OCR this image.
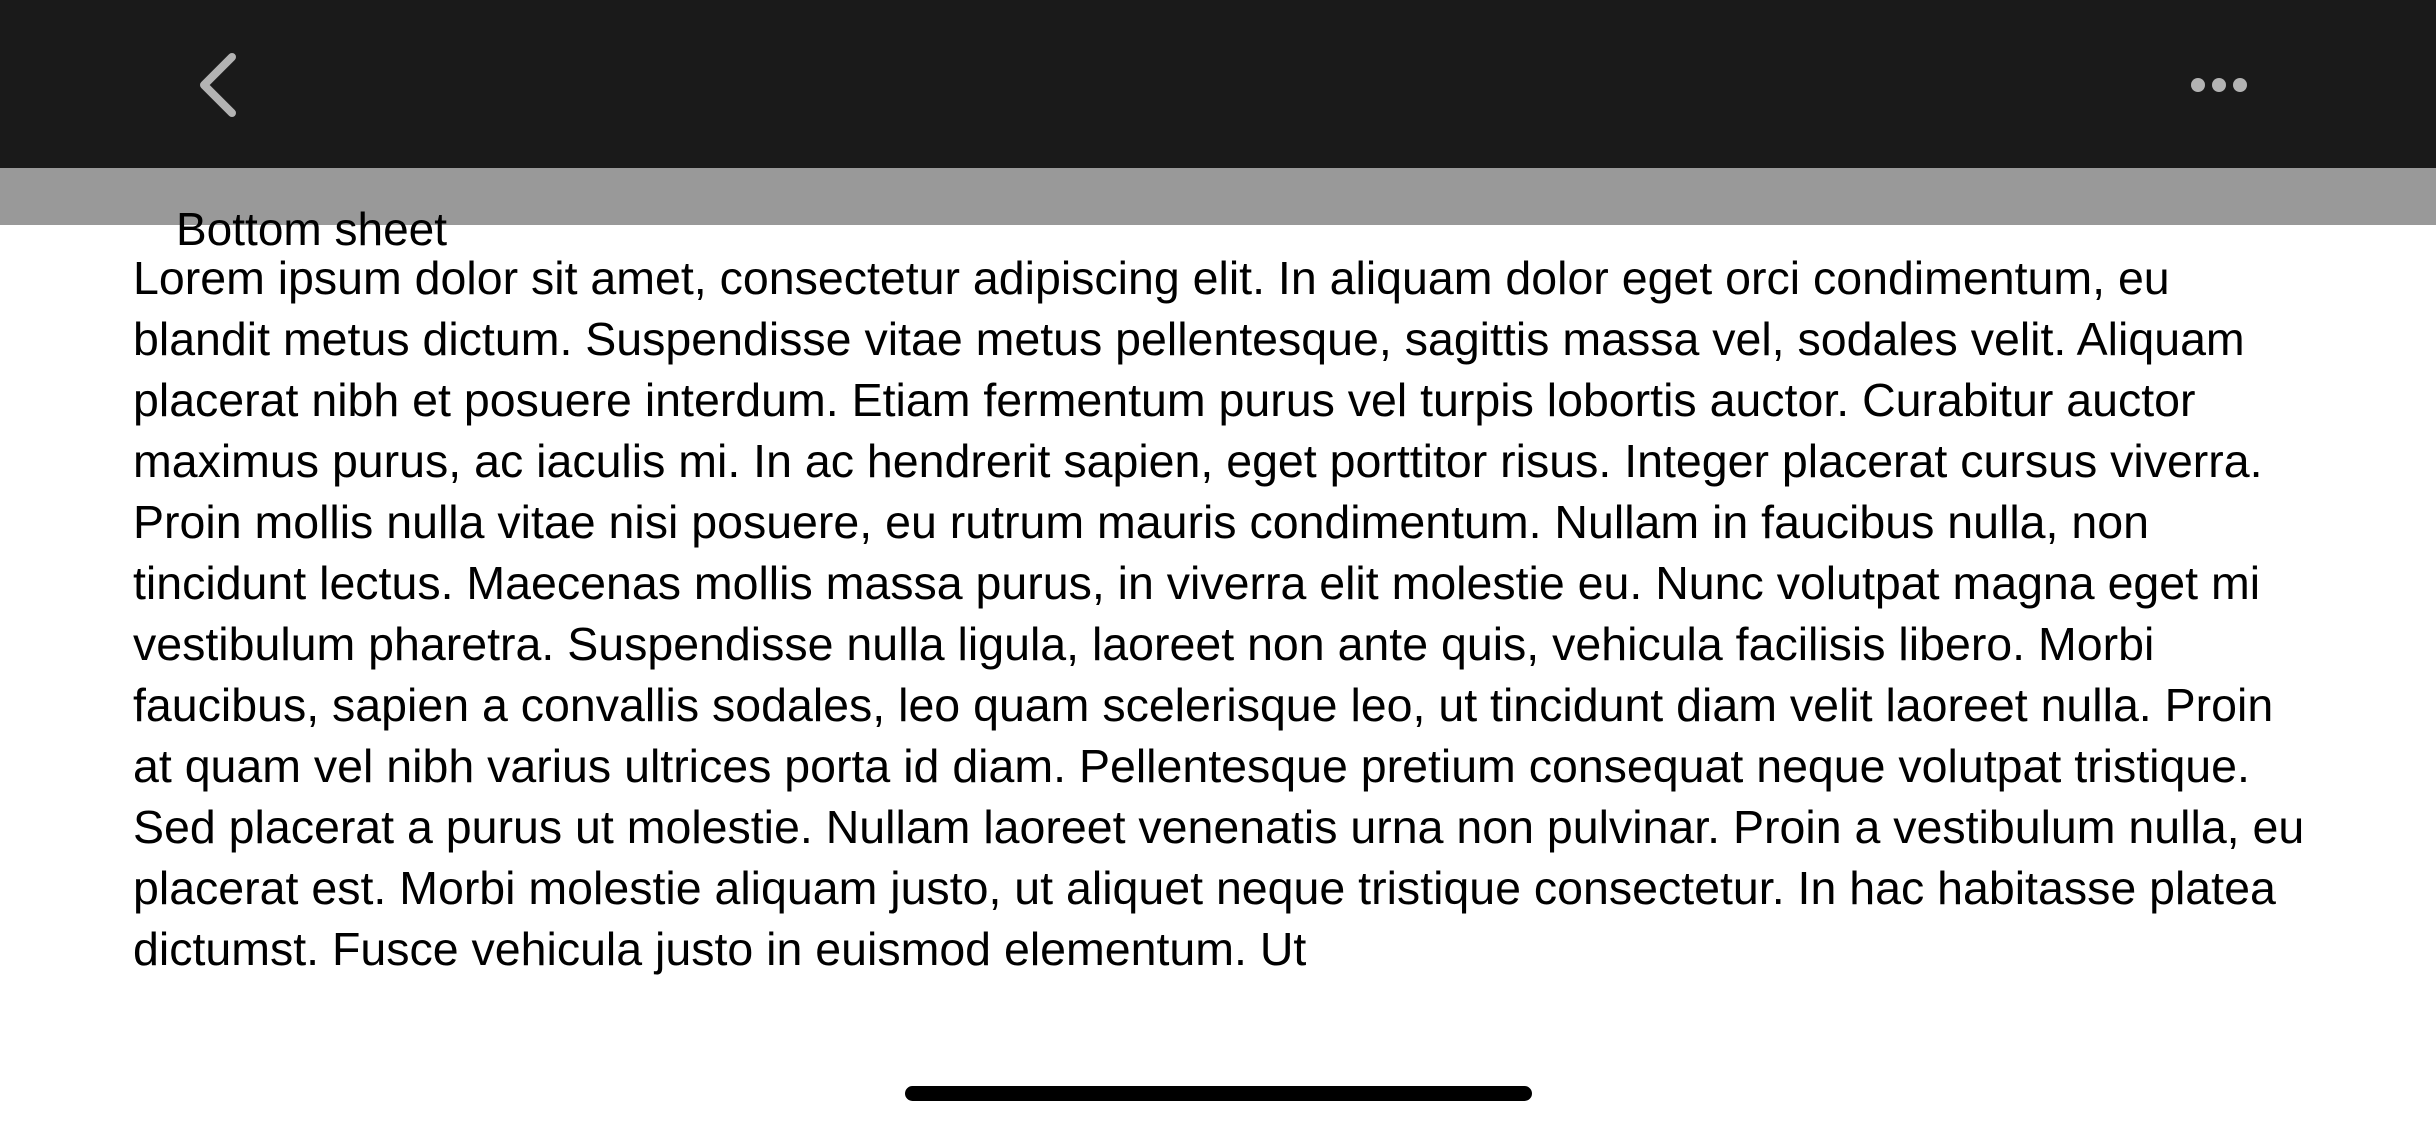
Bottom sheet

Lorem ipsum dolor sit amet, consectetur adipiscing elit. In aliquam dolor eget orci condimentum, eu blandit metus dictum. Suspendisse vitae metus pellentesque, sagittis massa vel, sodales velit. Aliquam placerat nibh et posuere interdum. Etiam fermentum purus vel turpis lobortis auctor. Curabitur auctor maximus purus, ac iaculis mi. In ac hendrerit sapien, eget porttitor risus. Integer placerat cursus viverra. Proin mollis nulla vitae nisi posuere, eu rutrum mauris condimentum. Nullam in faucibus nulla, non tincidunt lectus. Maecenas mollis massa purus, in viverra elit molestie eu. Nunc volutpat magna eget mi vestibulum pharetra. Suspendisse nulla ligula, laoreet non ante quis, vehicula facilisis libero. Morbi faucibus, sapien a convallis sodales, leo quam scelerisque leo, ut tincidunt diam velit laoreet nulla. Proin at quam vel nibh varius ultrices porta id diam. Pellentesque pretium consequat neque volutpat tristique. Sed placerat a purus ut molestie. Nullam laoreet venenatis urna non pulvinar. Proin a vestibulum nulla, eu placerat est. Morbi molestie aliquam justo, ut aliquet neque tristique consectetur. In hac habitasse platea dictumst. Fusce vehicula justo in euismod elementum. Ut
